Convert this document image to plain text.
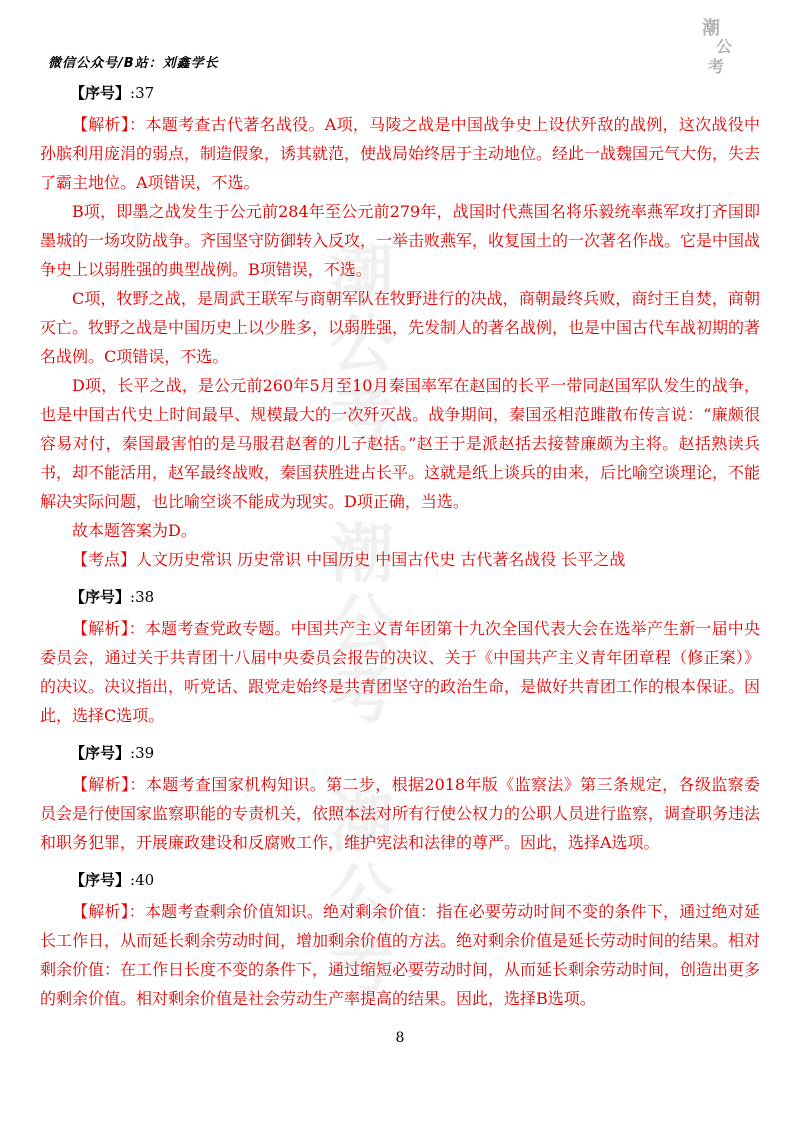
微信公众号/B站：刘鑫学长
潮
公
考
潮
公
考
潮
公
考
潮
公
考

【序号】:37

【解析】：本题考查古代著名战役。A项，马陵之战是中国战争史上设伏歼敌的战例，这次战役中孙膑利用庞涓的弱点，制造假象，诱其就范，使战局始终居于主动地位。经此一战魏国元气大伤，失去了霸主地位。A项错误，不选。

B项，即墨之战发生于公元前284年至公元前279年，战国时代燕国名将乐毅统率燕军攻打齐国即墨城的一场攻防战争。齐国坚守防御转入反攻，一举击败燕军，收复国土的一次著名作战。它是中国战争史上以弱胜强的典型战例。B项错误，不选。

C项，牧野之战，是周武王联军与商朝军队在牧野进行的决战，商朝最终兵败，商纣王自焚，商朝灭亡。牧野之战是中国历史上以少胜多，以弱胜强，先发制人的著名战例，也是中国古代车战初期的著名战例。C项错误，不选。

D项，长平之战，是公元前260年5月至10月秦国率军在赵国的长平一带同赵国军队发生的战争，也是中国古代史上时间最早、规模最大的一次歼灭战。战争期间，秦国丞相范雎散布传言说：“廉颇很容易对付，秦国最害怕的是马服君赵奢的儿子赵括。”赵王于是派赵括去接替廉颇为主将。赵括熟读兵书，却不能活用，赵军最终战败，秦国获胜进占长平。这就是纸上谈兵的由来，后比喻空谈理论，不能解决实际问题，也比喻空谈不能成为现实。D项正确，当选。

故本题答案为D。

【考点】人文历史常识 历史常识 中国历史 中国古代史 古代著名战役 长平之战

【序号】:38

【解析】：本题考查党政专题。中国共产主义青年团第十九次全国代表大会在选举产生新一届中央委员会，通过关于共青团十八届中央委员会报告的决议、关于《中国共产主义青年团章程（修正案）》的决议。决议指出，听党话、跟党走始终是共青团坚守的政治生命，是做好共青团工作的根本保证。因此，选择C选项。

【序号】:39

【解析】：本题考查国家机构知识。第二步，根据2018年版《监察法》第三条规定，各级监察委员会是行使国家监察职能的专责机关，依照本法对所有行使公权力的公职人员进行监察，调查职务违法和职务犯罪，开展廉政建设和反腐败工作，维护宪法和法律的尊严。因此，选择A选项。

【序号】:40

【解析】：本题考查剩余价值知识。绝对剩余价值：指在必要劳动时间不变的条件下，通过绝对延长工作日，从而延长剩余劳动时间，增加剩余价值的方法。绝对剩余价值是延长劳动时间的结果。相对剩余价值：在工作日长度不变的条件下，通过缩短必要劳动时间，从而延长剩余劳动时间，创造出更多的剩余价值。相对剩余价值是社会劳动生产率提高的结果。因此，选择B选项。

8
